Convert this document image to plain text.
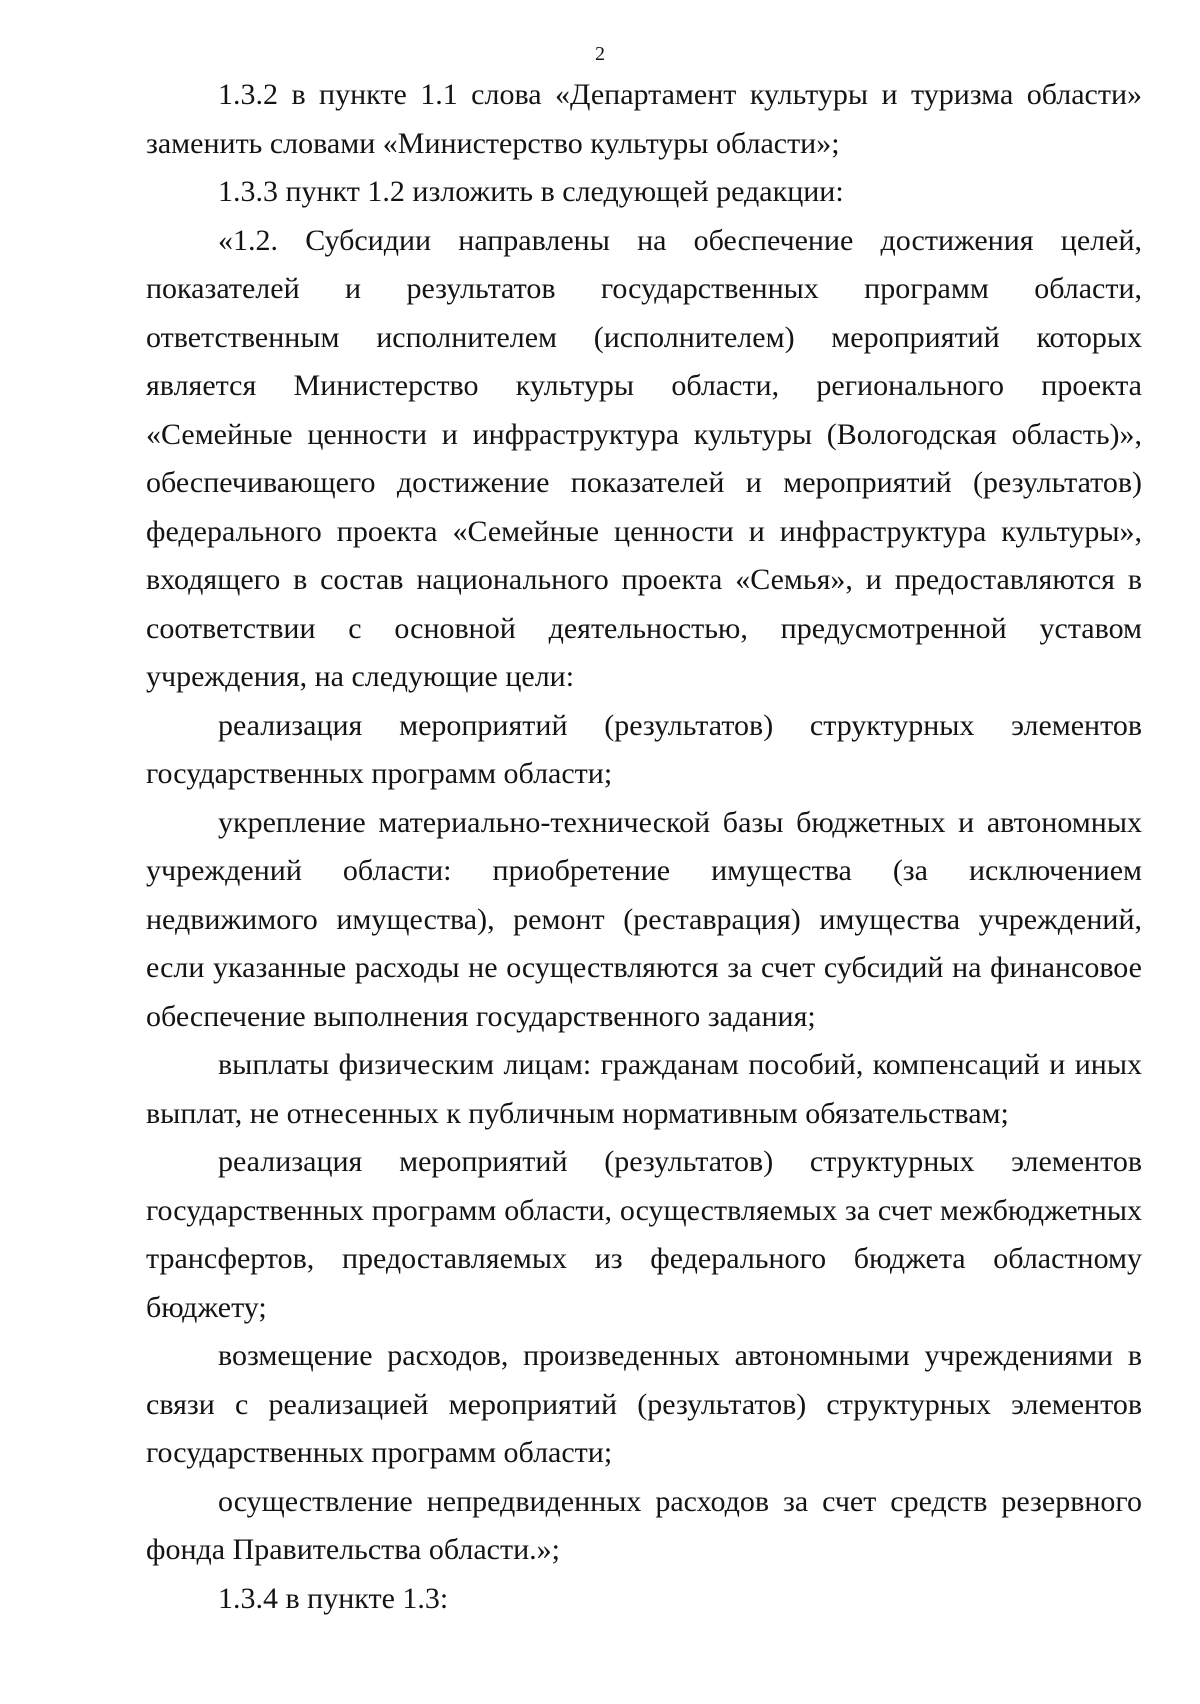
2

1.3.2 в пункте 1.1 слова «Департамент культуры и туризма области» заменить словами «Министерство культуры области»;

1.3.3 пункт 1.2 изложить в следующей редакции:

«1.2. Субсидии направлены на обеспечение достижения целей, показателей и результатов государственных программ области, ответственным исполнителем (исполнителем) мероприятий которых является Министерство культуры области, регионального проекта «Семейные ценности и инфраструктура культуры (Вологодская область)», обеспечивающего достижение показателей и мероприятий (результатов) федерального проекта «Семейные ценности и инфраструктура культуры», входящего в состав национального проекта «Семья», и предоставляются в соответствии с основной деятельностью, предусмотренной уставом учреждения, на следующие цели:

реализация мероприятий (результатов) структурных элементов государственных программ области;

укрепление материально-технической базы бюджетных и автономных учреждений области: приобретение имущества (за исключением недвижимого имущества), ремонт (реставрация) имущества учреждений, если указанные расходы не осуществляются за счет субсидий на финансовое обеспечение выполнения государственного задания;

выплаты физическим лицам: гражданам пособий, компенсаций и иных выплат, не отнесенных к публичным нормативным обязательствам;

реализация мероприятий (результатов) структурных элементов государственных программ области, осуществляемых за счет межбюджетных трансфертов, предоставляемых из федерального бюджета областному бюджету;

возмещение расходов, произведенных автономными учреждениями в связи с реализацией мероприятий (результатов) структурных элементов государственных программ области;

осуществление непредвиденных расходов за счет средств резервного фонда Правительства области.»;

1.3.4 в пункте 1.3:
